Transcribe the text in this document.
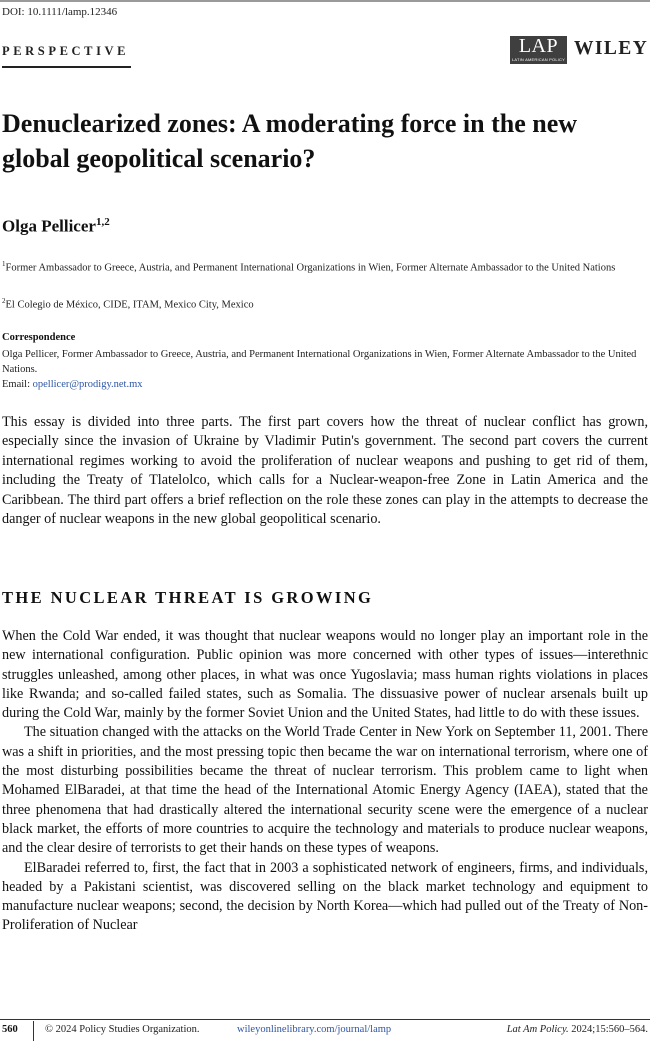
DOI: 10.1111/lamp.12346
PERSPECTIVE	LAP
LATIN AMERICAN POLICY
WILEY
Denuclearized zones: A moderating force in the new global geopolitical scenario?
Olga Pellicer$^{1,2}$
$^1$Former Ambassador to Greece, Austria, and Permanent International Organizations in Wien, Former Alternate Ambassador to the United Nations
$^2$El Colegio de México, CIDE, ITAM, Mexico City, Mexico
Correspondence
Olga Pellicer, Former Ambassador to Greece, Austria, and Permanent International Organizations in Wien, Former Alternate Ambassador to the United Nations.
Email: opellicer@prodigy.net.mx
This essay is divided into three parts. The first part covers how the threat of nuclear conflict has grown, especially since the invasion of Ukraine by Vladimir Putin's government. The second part covers the current international regimes working to avoid the proliferation of nuclear weapons and pushing to get rid of them, including the Treaty of Tlatelolco, which calls for a Nuclear-weapon-free Zone in Latin America and the Caribbean. The third part offers a brief reflection on the role these zones can play in the attempts to decrease the danger of nuclear weapons in the new global geopolitical scenario.
THE NUCLEAR THREAT IS GROWING

When the Cold War ended, it was thought that nuclear weapons would no longer play an important role in the new international configuration. Public opinion was more concerned with other types of issues—interethnic struggles unleashed, among other places, in what was once Yugoslavia; mass human rights violations in places like Rwanda; and so-called failed states, such as Somalia. The dissuasive power of nuclear arsenals built up during the Cold War, mainly by the former Soviet Union and the United States, had little to do with these issues.

The situation changed with the attacks on the World Trade Center in New York on September 11, 2001. There was a shift in priorities, and the most pressing topic then became the war on international terrorism, where one of the most disturbing possibilities became the threat of nuclear terrorism. This problem came to light when Mohamed ElBaradei, at that time the head of the International Atomic Energy Agency (IAEA), stated that the three phenomena that had drastically altered the international security scene were the emergence of a nuclear black market, the efforts of more countries to acquire the technology and materials to produce nuclear weapons, and the clear desire of terrorists to get their hands on these types of weapons.

ElBaradei referred to, first, the fact that in 2003 a sophisticated network of engineers, firms, and individuals, headed by a Pakistani scientist, was discovered selling on the black market technology and equipment to manufacture nuclear weapons; second, the decision by North Korea—which had pulled out of the Treaty of Non-Proliferation of Nuclear

560	© 2024 Policy Studies Organization.	wileyonlinelibrary.com/journal/lamp	Lat Am Policy. 2024;15:560–564.
